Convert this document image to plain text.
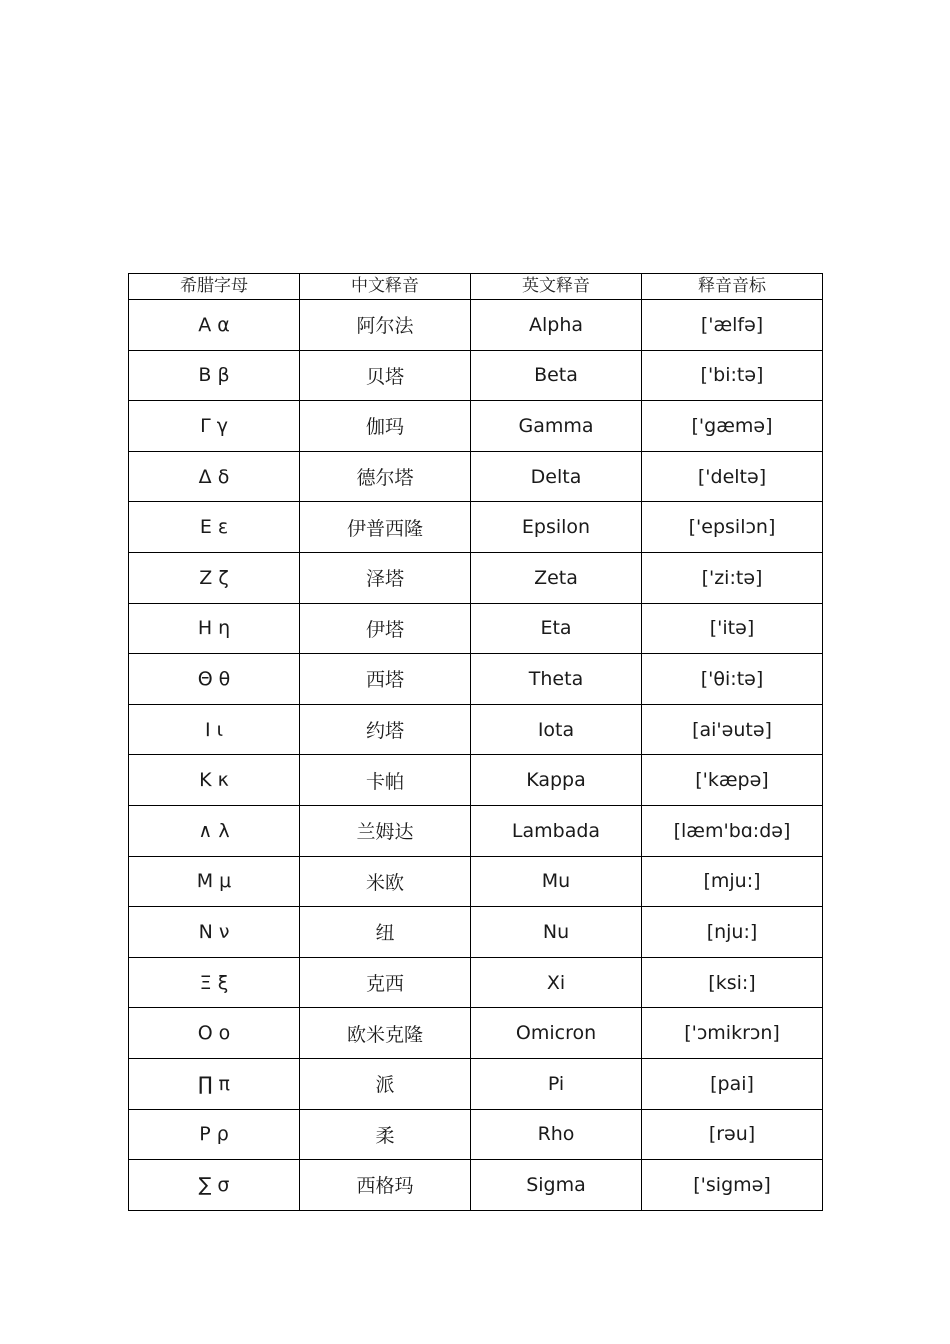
希腊字母	中文释音	英文释音	释音音标
Α α	阿尔法	Alpha	['ælfə]
Β β	贝塔	Beta	['bi:tə]
Γ γ	伽玛	Gamma	['gæmə]
Δ δ	德尔塔	Delta	['deltə]
Ε ε	伊普西隆	Epsilon	['epsilɔn]
Ζ ζ	泽塔	Zeta	['zi:tə]
Η η	伊塔	Eta	['itə]
Θ θ	西塔	Theta	['θi:tə]
Ι ι	约塔	Iota	[ai'əutə]
Κ κ	卡帕	Kappa	['kæpə]
∧ λ	兰姆达	Lambada	[læm'bɑ:də]
Μ μ	米欧	Mu	[mju:]
Ν ν	纽	Nu	[nju:]
Ξ ξ	克西	Xi	[ksi:]
Ο ο	欧米克隆	Omicron	['ɔmikrɔn]
∏ π	派	Pi	[pai]
Ρ ρ	柔	Rho	[rəu]
∑ σ	西格玛	Sigma	['sigmə]
